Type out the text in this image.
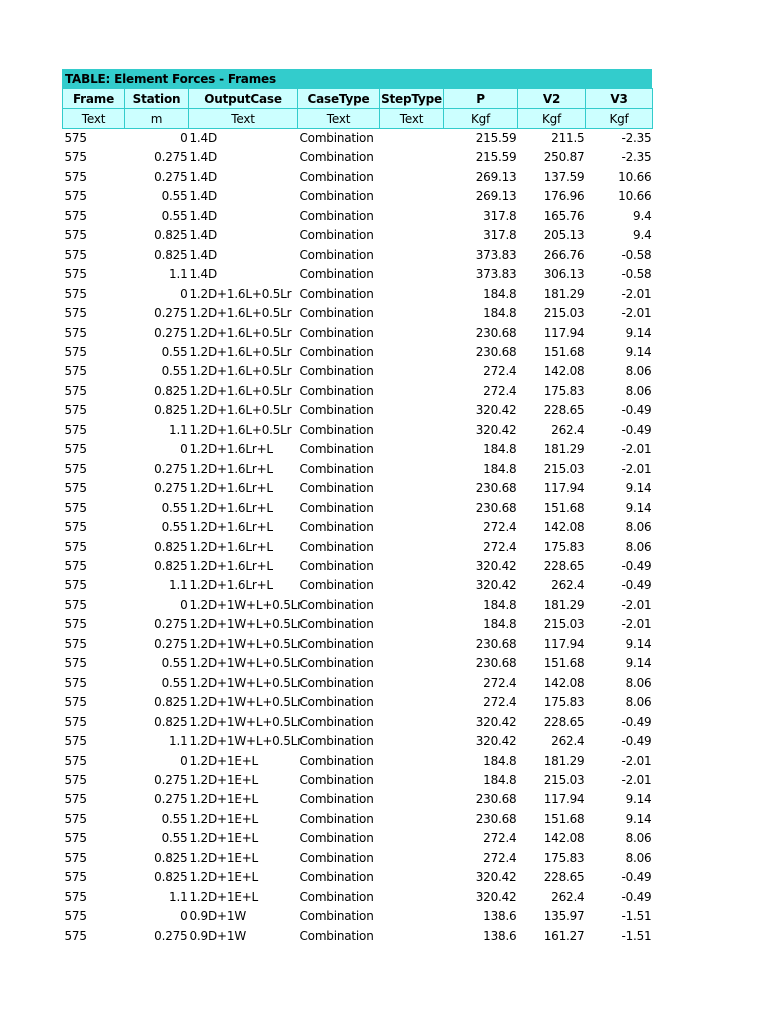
TABLE: Element Forces - Frames
Frame	Station	OutputCase	CaseType	StepType	P	V2	V3
Text	m	Text	Text	Text	Kgf	Kgf	Kgf
575	0	1.4D	Combination		215.59	211.5	-2.35
575	0.275	1.4D	Combination		215.59	250.87	-2.35
575	0.275	1.4D	Combination		269.13	137.59	10.66
575	0.55	1.4D	Combination		269.13	176.96	10.66
575	0.55	1.4D	Combination		317.8	165.76	9.4
575	0.825	1.4D	Combination		317.8	205.13	9.4
575	0.825	1.4D	Combination		373.83	266.76	-0.58
575	1.1	1.4D	Combination		373.83	306.13	-0.58
575	0	1.2D+1.6L+0.5Lr	Combination		184.8	181.29	-2.01
575	0.275	1.2D+1.6L+0.5Lr	Combination		184.8	215.03	-2.01
575	0.275	1.2D+1.6L+0.5Lr	Combination		230.68	117.94	9.14
575	0.55	1.2D+1.6L+0.5Lr	Combination		230.68	151.68	9.14
575	0.55	1.2D+1.6L+0.5Lr	Combination		272.4	142.08	8.06
575	0.825	1.2D+1.6L+0.5Lr	Combination		272.4	175.83	8.06
575	0.825	1.2D+1.6L+0.5Lr	Combination		320.42	228.65	-0.49
575	1.1	1.2D+1.6L+0.5Lr	Combination		320.42	262.4	-0.49
575	0	1.2D+1.6Lr+L	Combination		184.8	181.29	-2.01
575	0.275	1.2D+1.6Lr+L	Combination		184.8	215.03	-2.01
575	0.275	1.2D+1.6Lr+L	Combination		230.68	117.94	9.14
575	0.55	1.2D+1.6Lr+L	Combination		230.68	151.68	9.14
575	0.55	1.2D+1.6Lr+L	Combination		272.4	142.08	8.06
575	0.825	1.2D+1.6Lr+L	Combination		272.4	175.83	8.06
575	0.825	1.2D+1.6Lr+L	Combination		320.42	228.65	-0.49
575	1.1	1.2D+1.6Lr+L	Combination		320.42	262.4	-0.49
575	0	1.2D+1W+L+0.5Lr	Combination		184.8	181.29	-2.01
575	0.275	1.2D+1W+L+0.5Lr	Combination		184.8	215.03	-2.01
575	0.275	1.2D+1W+L+0.5Lr	Combination		230.68	117.94	9.14
575	0.55	1.2D+1W+L+0.5Lr	Combination		230.68	151.68	9.14
575	0.55	1.2D+1W+L+0.5Lr	Combination		272.4	142.08	8.06
575	0.825	1.2D+1W+L+0.5Lr	Combination		272.4	175.83	8.06
575	0.825	1.2D+1W+L+0.5Lr	Combination		320.42	228.65	-0.49
575	1.1	1.2D+1W+L+0.5Lr	Combination		320.42	262.4	-0.49
575	0	1.2D+1E+L	Combination		184.8	181.29	-2.01
575	0.275	1.2D+1E+L	Combination		184.8	215.03	-2.01
575	0.275	1.2D+1E+L	Combination		230.68	117.94	9.14
575	0.55	1.2D+1E+L	Combination		230.68	151.68	9.14
575	0.55	1.2D+1E+L	Combination		272.4	142.08	8.06
575	0.825	1.2D+1E+L	Combination		272.4	175.83	8.06
575	0.825	1.2D+1E+L	Combination		320.42	228.65	-0.49
575	1.1	1.2D+1E+L	Combination		320.42	262.4	-0.49
575	0	0.9D+1W	Combination		138.6	135.97	-1.51
575	0.275	0.9D+1W	Combination		138.6	161.27	-1.51
